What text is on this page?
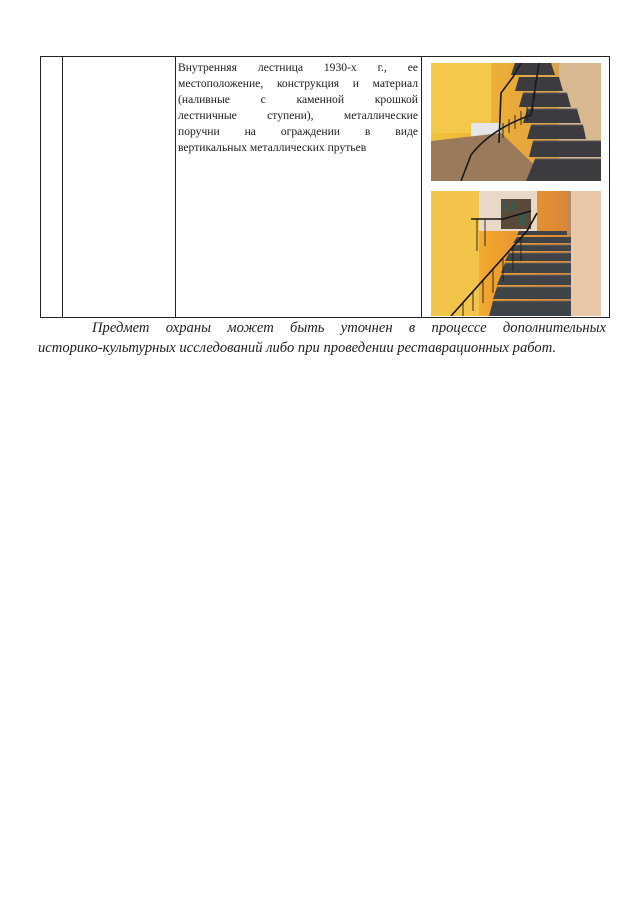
Внутренняя лестница 1930-х г., ее
местоположение, конструкция и материал
(наливные с каменной крошкой
лестничные ступени), металлические
поручни на ограждении в виде
вертикальных металлических прутьев

Предмет охраны может быть уточнен в процессе дополнительных
историко-культурных исследований либо при проведении реставрационных работ.
